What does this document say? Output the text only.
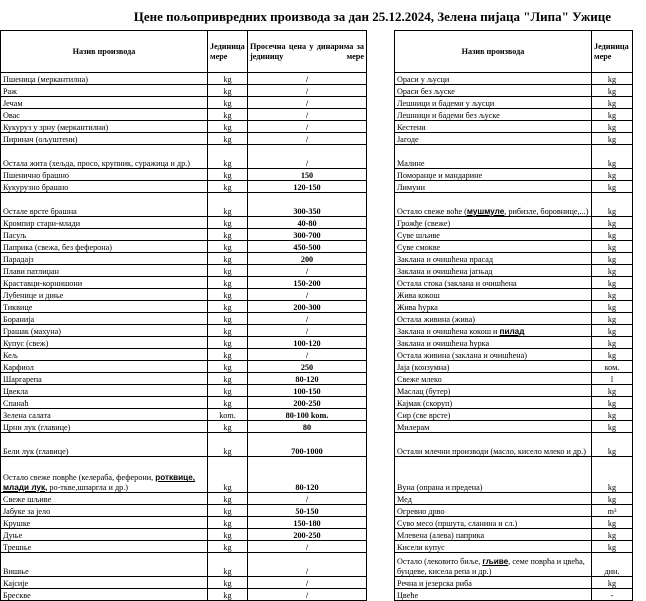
Цене пољопривредних производа за дан 25.12.2024, Зелена пијаца "Липа" Ужице
Назив производа	Јединица мере	Просечна цена у динарима за јединицу мере
Пшеница (меркантилна)	kg	/
Раж	kg	/
Јечам	kg	/
Овас	kg	/
Кукуруз у зрну (меркантилни)	kg	/
Пиринач (ољуштени)	kg	/
Остала жита (хељда, просо, крупник, суражица и др.)	kg	/
Пшенично брашно	kg	150
Кукурузно брашно	kg	120-150
Остале врсте брашна	kg	300-350
Кромпир стари-млади	kg	40-80
Пасуљ	kg	300-700
Паприка (свежа, без феферона)	kg	450-500
Парадајз	kg	200
Плави патлиџан	kg	/
Краставци-корнишони	kg	150-200
Лубенице и диње	kg	/
Тиквице	kg	200-300
Боранија	kg	/
Грашак (махуна)	kg	/
Купус (свеж)	kg	100-120
Кељ	kg	/
Карфиол	kg	250
Шаргарепа	kg	80-120
Цвекла	kg	100-150
Спанаћ	kg	200-250
Зелена салата	kom.	80-100 kom.
Црни лук (главице)	kg	80
Бели лук (главице)	kg	700-1000
Остало свеже поврће (келераба, фефeрони, ротквице, млади лук, ро-тквe,шпаргла и др.)	kg	80-120
Свеже шљиве	kg	/
Јабуке за јело	kg	50-150
Крушке	kg	150-180
Дуње	kg	200-250
Трешње	kg	/
Вишње	kg	/
Кајсије	kg	/
Бресквe	kg	/
Назив производа	Јединица мере
Ораси у љусци	kg
Ораси без љуске	kg
Лешници и бадеми у љусци	kg
Лешници и бадеми без љуске	kg
Кестени	kg
Јагоде	kg
Малине	kg
Поморанџе и мандарине	kg
Лимуни	kg
Остало свеже воће (мушмуле, рибизле, боровнице,...)	kg
Грожђе (свеже)	kg
Суве шљиве	kg
Суве смокве	kg
Заклана и очишћена прасад	kg
Заклана и очишћена јагњад	kg
Остала стока (заклана и очишћена	kg
Жива кокош	kg
Жива ћурка	kg
Остала живина (жива)	kg
Заклана и очишћена кокош и пилад	kg
Заклана и очишћена ћурка	kg
Остала живина (заклана и очишћена)	kg
Јаја (конзумна)	ком.
Свеже млеко	l
Маслац (бутер)	kg
Кајмак (скоруп)	kg
Сир (све врсте)	kg
Милерам	kg
Остали млечни производи (масло, кисело млеко и др.)	kg
Вуна (опрана и предена)	kg
Мед	kg
Огревно дрво	m³
Суво месо (пршута, сланина и сл.)	kg
Млевена (алева) паприка	kg
Кисели купус	kg
Остало (лековито биље, гљиве, семе поврћа и цвећа, бундеве, кисела репа и др.)	дин.
Речна и језерска риба	kg
Цвеће	-
